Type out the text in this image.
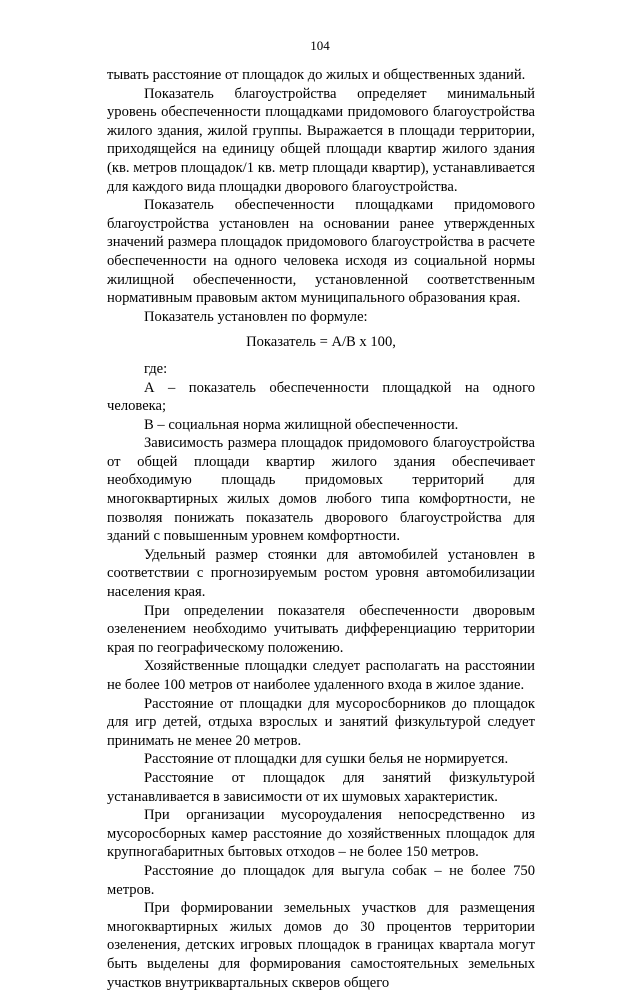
104

тывать расстояние от площадок до жилых и общественных зданий.

Показатель благоустройства определяет минимальный уровень обеспеченности площадками придомового благоустройства жилого здания, жилой группы. Выражается в площади территории, приходящейся на единицу общей площади квартир жилого здания (кв. метров площадок/1 кв. метр площади квартир), устанавливается для каждого вида площадки дворового благоустройства.

Показатель обеспеченности площадками придомового благоустройства установлен на основании ранее утвержденных значений размера площадок придомового благоустройства в расчете обеспеченности на одного человека исходя из социальной нормы жилищной обеспеченности, установленной соответственным нормативным правовым актом муниципального образования края.

Показатель установлен по формуле:

Показатель = А/В х 100,

где:

А – показатель обеспеченности площадкой на одного человека;

В – социальная норма жилищной обеспеченности.

Зависимость размера площадок придомового благоустройства от общей площади квартир жилого здания обеспечивает необходимую площадь придомовых территорий для многоквартирных жилых домов любого типа комфортности, не позволяя понижать показатель дворового благоустройства для зданий с повышенным уровнем комфортности.

Удельный размер стоянки для автомобилей установлен в соответствии с прогнозируемым ростом уровня автомобилизации населения края.

При определении показателя обеспеченности дворовым озеленением необходимо учитывать дифференциацию территории края по географическому положению.

Хозяйственные площадки следует располагать на расстоянии не более 100 метров от наиболее удаленного входа в жилое здание.

Расстояние от площадки для мусоросборников до площадок для игр детей, отдыха взрослых и занятий физкультурой следует принимать не менее 20 метров.

Расстояние от площадки для сушки белья не нормируется.

Расстояние от площадок для занятий физкультурой устанавливается в зависимости от их шумовых характеристик.

При организации мусороудаления непосредственно из мусоросборных камер расстояние до хозяйственных площадок для крупногабаритных бытовых отходов – не более 150 метров.

Расстояние до площадок для выгула собак – не более 750 метров.

При формировании земельных участков для размещения многоквартирных жилых домов до 30 процентов территории озеленения, детских игровых площадок в границах квартала могут быть выделены для формирования самостоятельных земельных участков внутриквартальных скверов общего
